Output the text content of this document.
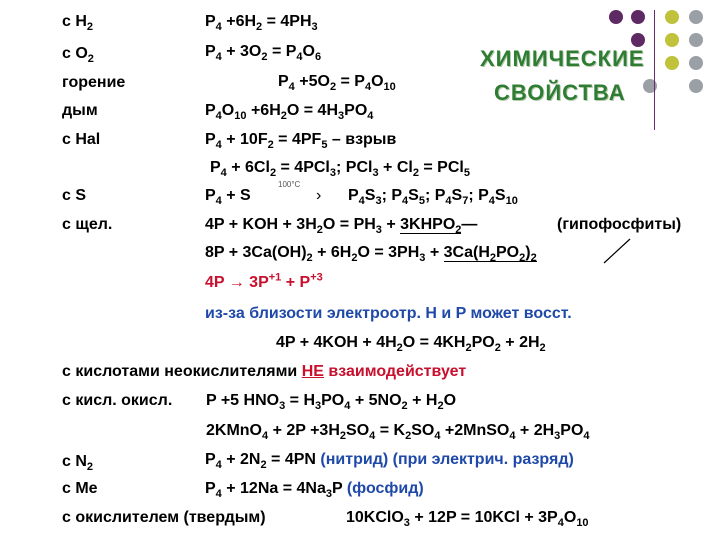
ХИМИЧЕСКИЕ
СВОЙСТВА
с $H_2$
с $O_2$
горение
дым
с Hal
с S
с щел.
с кисл. окисл.
с $N_2$
с Me
с окислителем (твердым)
$P_4 +6H_2 = 4PH_3$
$P_4 + 3O_2 = P_4O_6$
$P_4 +5O_2 = P_4O_{10}$
$P_4O_{10} +6H_2O = 4H_3PO_4$
$P_4 + 10F_2 = 4PF_5$ – взрыв
$P_4 + 6Cl_2 = 4PCl_3$; $PCl_3 + Cl_2 = PCl_5$
$P_4 + S$
100°C
› $P_4S_3$; $P_4S_5$; $P_4S_7$; $P_4S_{10}$
4P + KOH + $3H_2O = PH_3$ + $3KHPO_2—$	(гипофосфиты)
$8P + 3Ca(OH)_2 + 6H_2O = 3PH_3 + 3Ca(H_2PO_2)_2$
$4P \to 3P^{+1} + P^{+3}$
из-за близости электроотр. H и P может восст.
$4P + 4KOH + 4H_2O = 4KH_2PO_2 + 2H_2$
с кислотами неокислителями НЕ взаимодействует
P +5 $HNO_3 = H_3PO_4 + 5NO_2 + H_2O$
2KMnO$_4$ + $2P +3H_2SO_4 = K_2SO_4$ +2MnSO$_4$ + $2H_3PO_4$
$P_4 + 2N_2 = 4PN$ (нитрид) (при электрич. разряд)
$P_4 + 12Na = 4Na_3P$ (фосфид)
10KClO$_3$ + $12P = 10KCl + 3P_4O_{10}$
